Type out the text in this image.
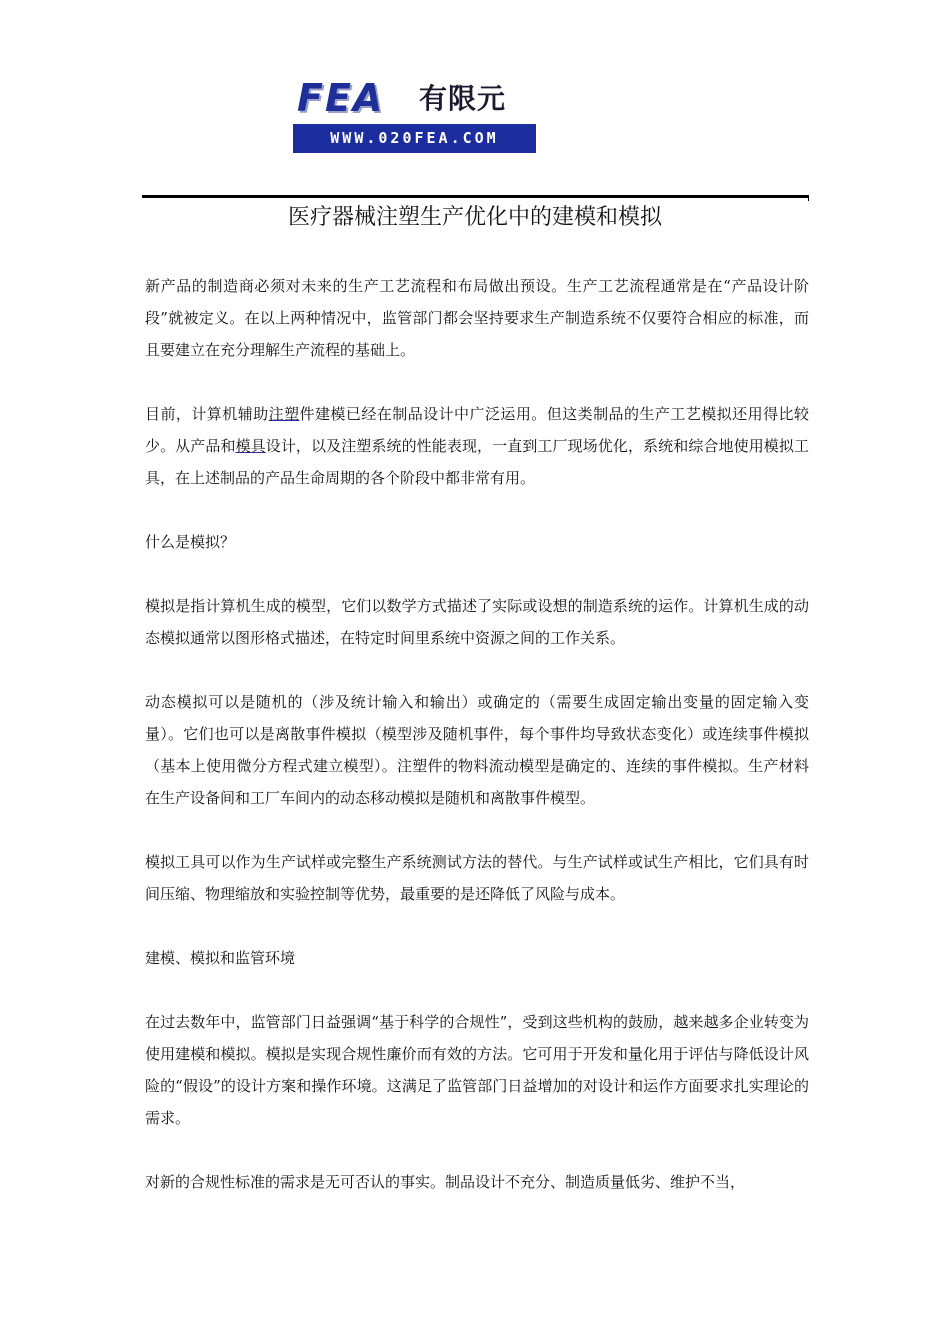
FEA 有限元
WWW.020FEA.COM
医疗器械注塑生产优化中的建模和模拟

新产品的制造商必须对未来的生产工艺流程和布局做出预设。生产工艺流程通常是在“产品设计阶段”就被定义。在以上两种情况中，监管部门都会坚持要求生产制造系统不仅要符合相应的标准，而且要建立在充分理解生产流程的基础上。

目前，计算机辅助注塑件建模已经在制品设计中广泛运用。但这类制品的生产工艺模拟还用得比较少。从产品和模具设计，以及注塑系统的性能表现，一直到工厂现场优化，系统和综合地使用模拟工具，在上述制品的产品生命周期的各个阶段中都非常有用。

什么是模拟？

模拟是指计算机生成的模型，它们以数学方式描述了实际或设想的制造系统的运作。计算机生成的动态模拟通常以图形格式描述，在特定时间里系统中资源之间的工作关系。

动态模拟可以是随机的（涉及统计输入和输出）或确定的（需要生成固定输出变量的固定输入变量）。它们也可以是离散事件模拟（模型涉及随机事件，每个事件均导致状态变化）或连续事件模拟（基本上使用微分方程式建立模型）。注塑件的物料流动模型是确定的、连续的事件模拟。生产材料在生产设备间和工厂车间内的动态移动模拟是随机和离散事件模型。

模拟工具可以作为生产试样或完整生产系统测试方法的替代。与生产试样或试生产相比，它们具有时间压缩、物理缩放和实验控制等优势，最重要的是还降低了风险与成本。

建模、模拟和监管环境

在过去数年中，监管部门日益强调“基于科学的合规性”，受到这些机构的鼓励，越来越多企业转变为使用建模和模拟。模拟是实现合规性廉价而有效的方法。它可用于开发和量化用于评估与降低设计风险的“假设”的设计方案和操作环境。这满足了监管部门日益增加的对设计和运作方面要求扎实理论的需求。

对新的合规性标准的需求是无可否认的事实。制品设计不充分、制造质量低劣、维护不当，
